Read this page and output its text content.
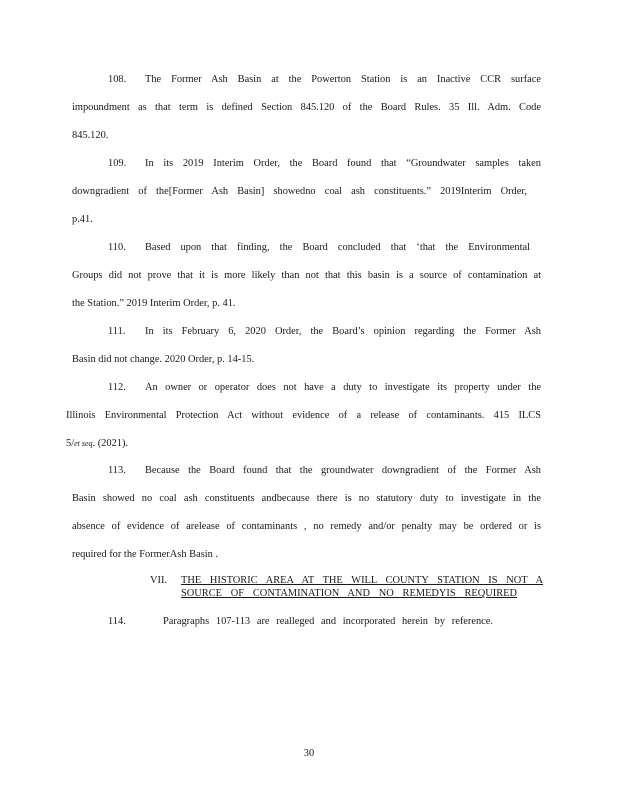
108. The Former Ash Basin at the Powerton Station is an Inactive CCR surface
impoundment as that term is defined Section 845.120 of the Board Rules. 35 Ill. Adm. Code
845.120.
109. In its 2019 Interim Order, the Board found that “Groundwater samples taken
downgradient of the[Former Ash Basin] showedno coal ash constituents.” 2019Interim Order,
p.41.
110. Based upon that finding, the Board concluded that ‘that the Environmental
Groups did not prove that it is more likely than not that this basin is a source of contamination at
the Station.” 2019 Interim Order, p. 41.
111. In its February 6, 2020 Order, the Board’s opinion regarding the Former Ash
Basin did not change. 2020 Order, p. 14-15.
112. An owner or operator does not have a duty to investigate its property under the
Illinois Environmental Protection Act without evidence of a release of contaminants. 415 ILCS
5/et seq. (2021).
113. Because the Board found that the groundwater downgradient of the Former Ash
Basin showed no coal ash constituents andbecause there is no statutory duty to investigate in the
absence of evidence of arelease of contaminants , no remedy and/or penalty may be ordered or is
required for the FormerAsh Basin .
VII. THE HISTORIC AREA AT THE WILL COUNTY STATION IS NOT A
SOURCE OF CONTAMINATION AND NO REMEDYIS REQUIRED
114.	Paragraphs 107-113 are realleged and incorporated herein by reference.
30
